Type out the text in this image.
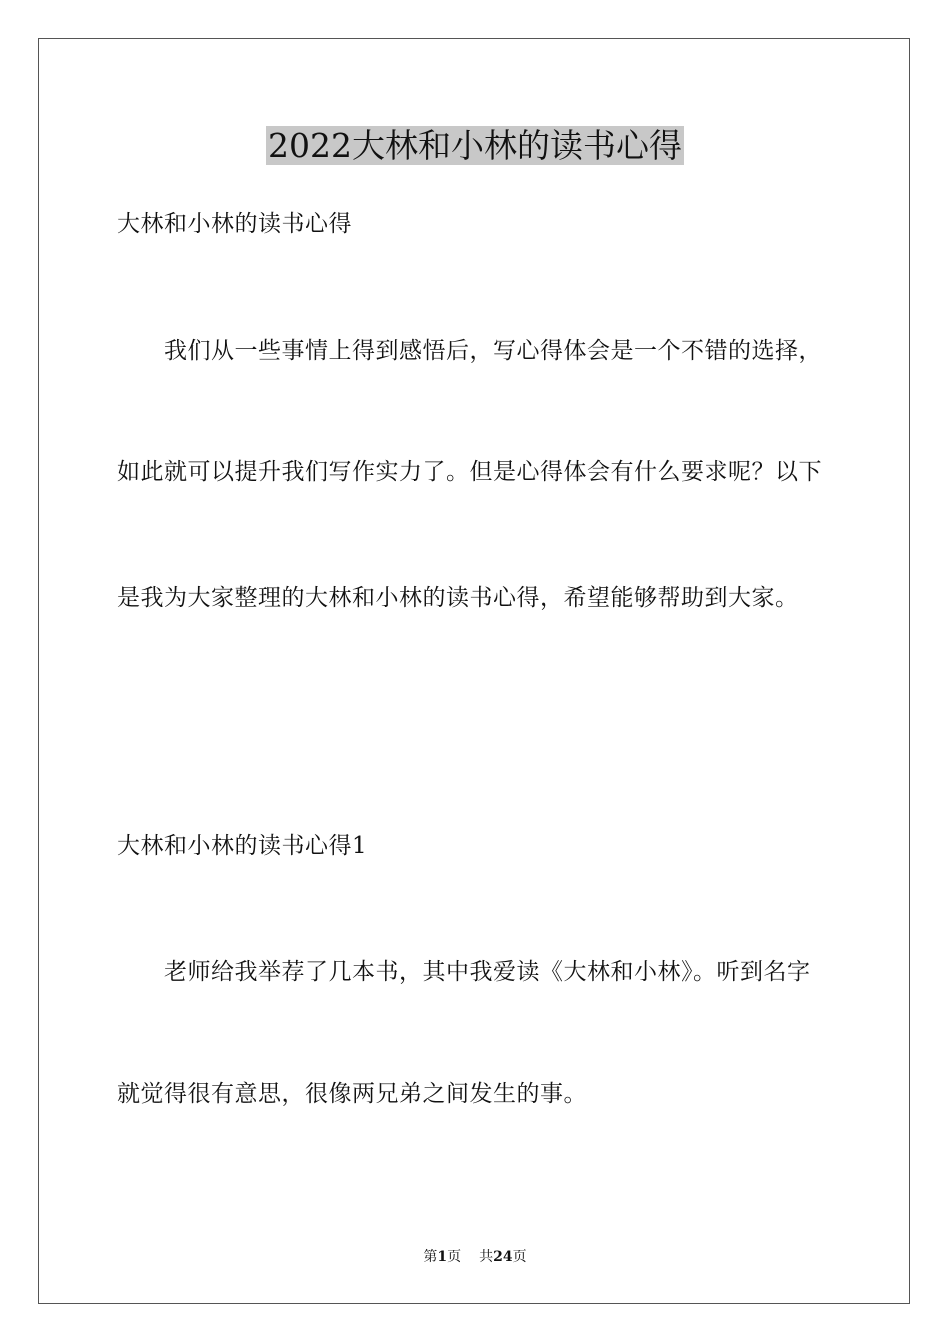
2022大林和小林的读书心得
大林和小林的读书心得
我们从一些事情上得到感悟后，写心得体会是一个不错的选择，
如此就可以提升我们写作实力了。但是心得体会有什么要求呢？以下
是我为大家整理的大林和小林的读书心得，希望能够帮助到大家。
大林和小林的读书心得1
老师给我举荐了几本书，其中我爱读《大林和小林》。听到名字
就觉得很有意思，很像两兄弟之间发生的事。
第1页 共24页
